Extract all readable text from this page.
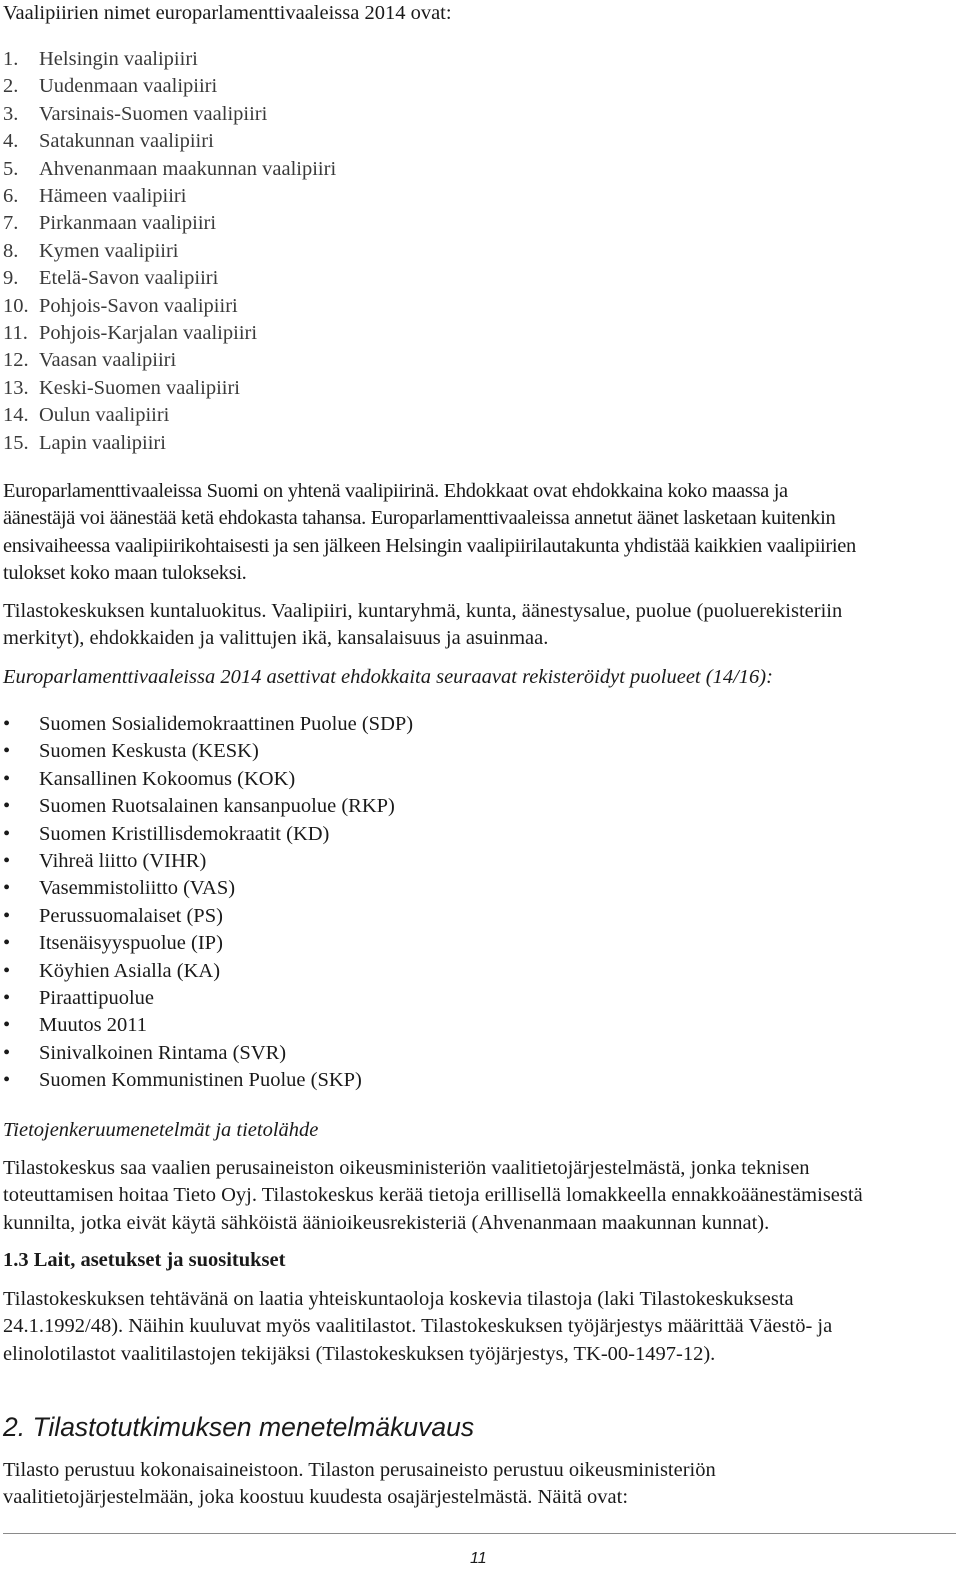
Vaalipiirien nimet europarlamenttivaaleissa 2014 ovat:

1. Helsingin vaalipiiri
2. Uudenmaan vaalipiiri
3. Varsinais-Suomen vaalipiiri
4. Satakunnan vaalipiiri
5. Ahvenanmaan maakunnan vaalipiiri
6. Hämeen vaalipiiri
7. Pirkanmaan vaalipiiri
8. Kymen vaalipiiri
9. Etelä-Savon vaalipiiri
10. Pohjois-Savon vaalipiiri
11. Pohjois-Karjalan vaalipiiri
12. Vaasan vaalipiiri
13. Keski-Suomen vaalipiiri
14. Oulun vaalipiiri
15. Lapin vaalipiiri
Europarlamenttivaaleissa Suomi on yhtenä vaalipiirinä. Ehdokkaat ovat ehdokkaina koko maassa ja
äänestäjä voi äänestää ketä ehdokasta tahansa. Europarlamenttivaaleissa annetut äänet lasketaan kuitenkin
ensivaiheessa vaalipiirikohtaisesti ja sen jälkeen Helsingin vaalipiirilautakunta yhdistää kaikkien vaalipiirien
tulokset koko maan tulokseksi.
Tilastokeskuksen kuntaluokitus. Vaalipiiri, kuntaryhmä, kunta, äänestysalue, puolue (puoluerekisteriin
merkityt), ehdokkaiden ja valittujen ikä, kansalaisuus ja asuinmaa.

Europarlamenttivaaleissa 2014 asettivat ehdokkaita seuraavat rekisteröidyt puolueet (14/16):

• Suomen Sosialidemokraattinen Puolue (SDP)
• Suomen Keskusta (KESK)
• Kansallinen Kokoomus (KOK)
• Suomen Ruotsalainen kansanpuolue (RKP)
• Suomen Kristillisdemokraatit (KD)
• Vihreä liitto (VIHR)
• Vasemmistoliitto (VAS)
• Perussuomalaiset (PS)
• Itsenäisyyspuolue (IP)
• Köyhien Asialla (KA)
• Piraattipuolue
• Muutos 2011
• Sinivalkoinen Rintama (SVR)
• Suomen Kommunistinen Puolue (SKP)

Tietojenkeruumenetelmät ja tietolähde

Tilastokeskus saa vaalien perusaineiston oikeusministeriön vaalitietojärjestelmästä, jonka teknisen
toteuttamisen hoitaa Tieto Oyj. Tilastokeskus kerää tietoja erillisellä lomakkeella ennakkoäänestämisestä
kunnilta, jotka eivät käytä sähköistä äänioikeusrekisteriä (Ahvenanmaan maakunnan kunnat).
1.3 Lait, asetukset ja suositukset
Tilastokeskuksen tehtävänä on laatia yhteiskuntaoloja koskevia tilastoja (laki Tilastokeskuksesta
24.1.1992/48). Näihin kuuluvat myös vaalitilastot. Tilastokeskuksen työjärjestys määrittää Väestö- ja
elinolotilastot vaalitilastojen tekijäksi (Tilastokeskuksen työjärjestys, TK-00-1497-12).
2. Tilastotutkimuksen menetelmäkuvaus
Tilasto perustuu kokonaisaineistoon. Tilaston perusaineisto perustuu oikeusministeriön
vaalitietojärjestelmään, joka koostuu kuudesta osajärjestelmästä. Näitä ovat:
11
